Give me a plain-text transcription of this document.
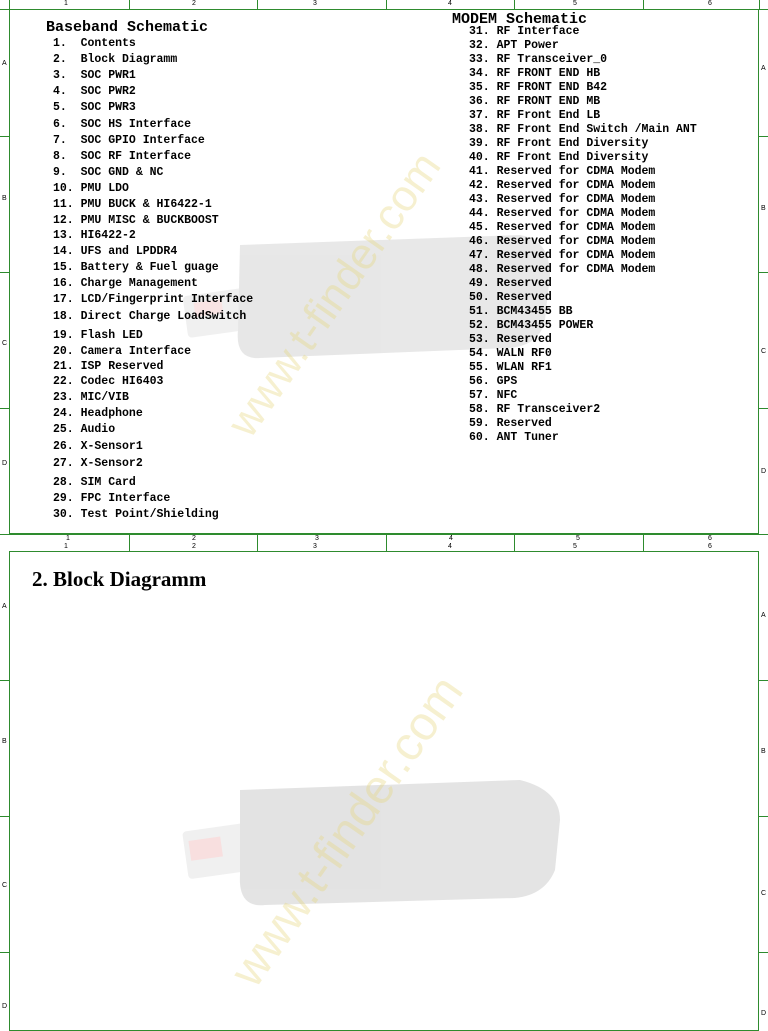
1	2	3	4	5	6
A
B
C
D
A
B
C
D
www.t-finder.com
Baseband Schematic
1.  Contents
2.  Block Diagramm
3.  SOC PWR1
4.  SOC PWR2
5.  SOC PWR3
6.  SOC HS Interface
7.  SOC GPIO Interface
8.  SOC RF Interface
9.  SOC GND & NC
10. PMU LDO
11. PMU BUCK & HI6422-1
12. PMU MISC & BUCKBOOST
13. HI6422-2
14. UFS and LPDDR4
15. Battery & Fuel guage
16. Charge Management
17. LCD/Fingerprint Interface
18. Direct Charge LoadSwitch
19. Flash LED
20. Camera Interface
21. ISP Reserved
22. Codec HI6403
23. MIC/VIB
24. Headphone
25. Audio
26. X-Sensor1
27. X-Sensor2
28. SIM Card
29. FPC Interface
30. Test Point/Shielding
MODEM Schematic
31. RF Interface
32. APT Power
33. RF Transceiver_0
34. RF FRONT END HB
35. RF FRONT END B42
36. RF FRONT END MB
37. RF Front End LB
38. RF Front End Switch /Main ANT
39. RF Front End Diversity
40. RF Front End Diversity
41. Reserved for CDMA Modem
42. Reserved for CDMA Modem
43. Reserved for CDMA Modem
44. Reserved for CDMA Modem
45. Reserved for CDMA Modem
46. Reserved for CDMA Modem
47. Reserved for CDMA Modem
48. Reserved for CDMA Modem
49. Reserved
50. Reserved
51. BCM43455 BB
52. BCM43455 POWER
53. Reserved
54. WALN RF0
55. WLAN RF1
56. GPS
57. NFC
58. RF Transceiver2
59. Reserved
60. ANT Tuner
1	2	3	4	5	6
1	2	3	4	5	6
A
B
C
D
A
B
C
D
2. Block Diagramm
www.t-finder.com
